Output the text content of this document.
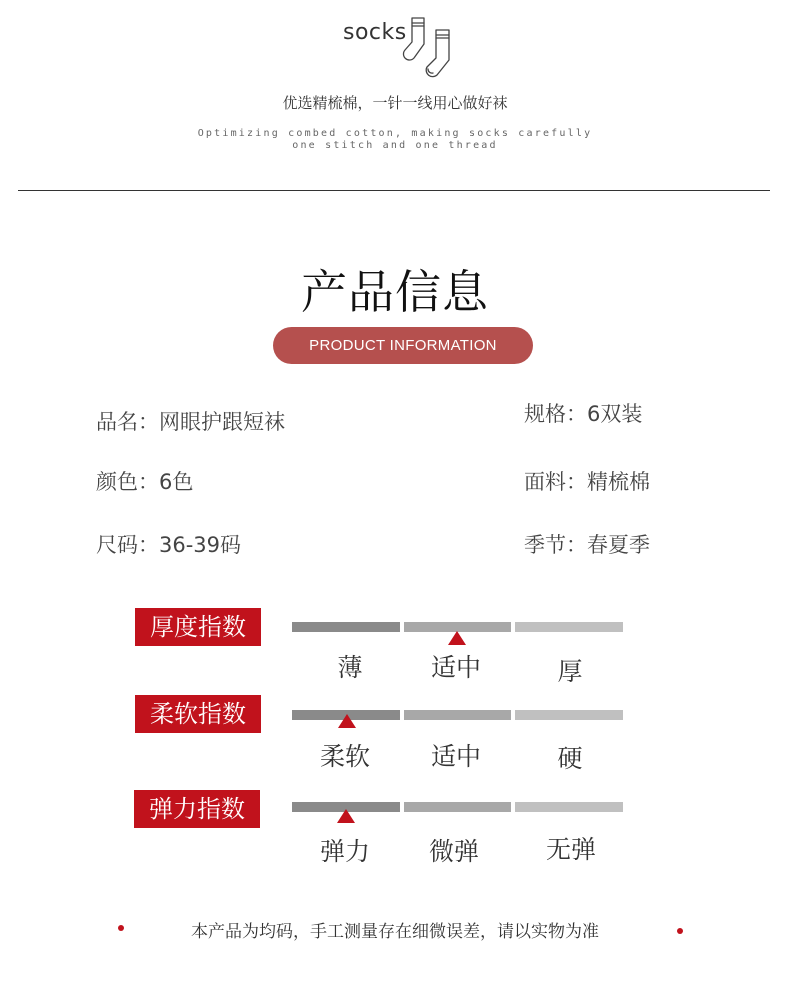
socks
优选精梳棉，一针一线用心做好袜
Optimizing combed cotton, making socks carefully
one stitch and one thread
产品信息
PRODUCT INFORMATION
品名：网眼护跟短袜	规格：6双装
颜色：6色	面料：精梳棉
尺码：36-39码	季节：春夏季
厚度指数
薄	适中	厚
柔软指数
柔软	适中	硬
弹力指数
弹力	微弹	无弹
本产品为均码，手工测量存在细微误差，请以实物为准
